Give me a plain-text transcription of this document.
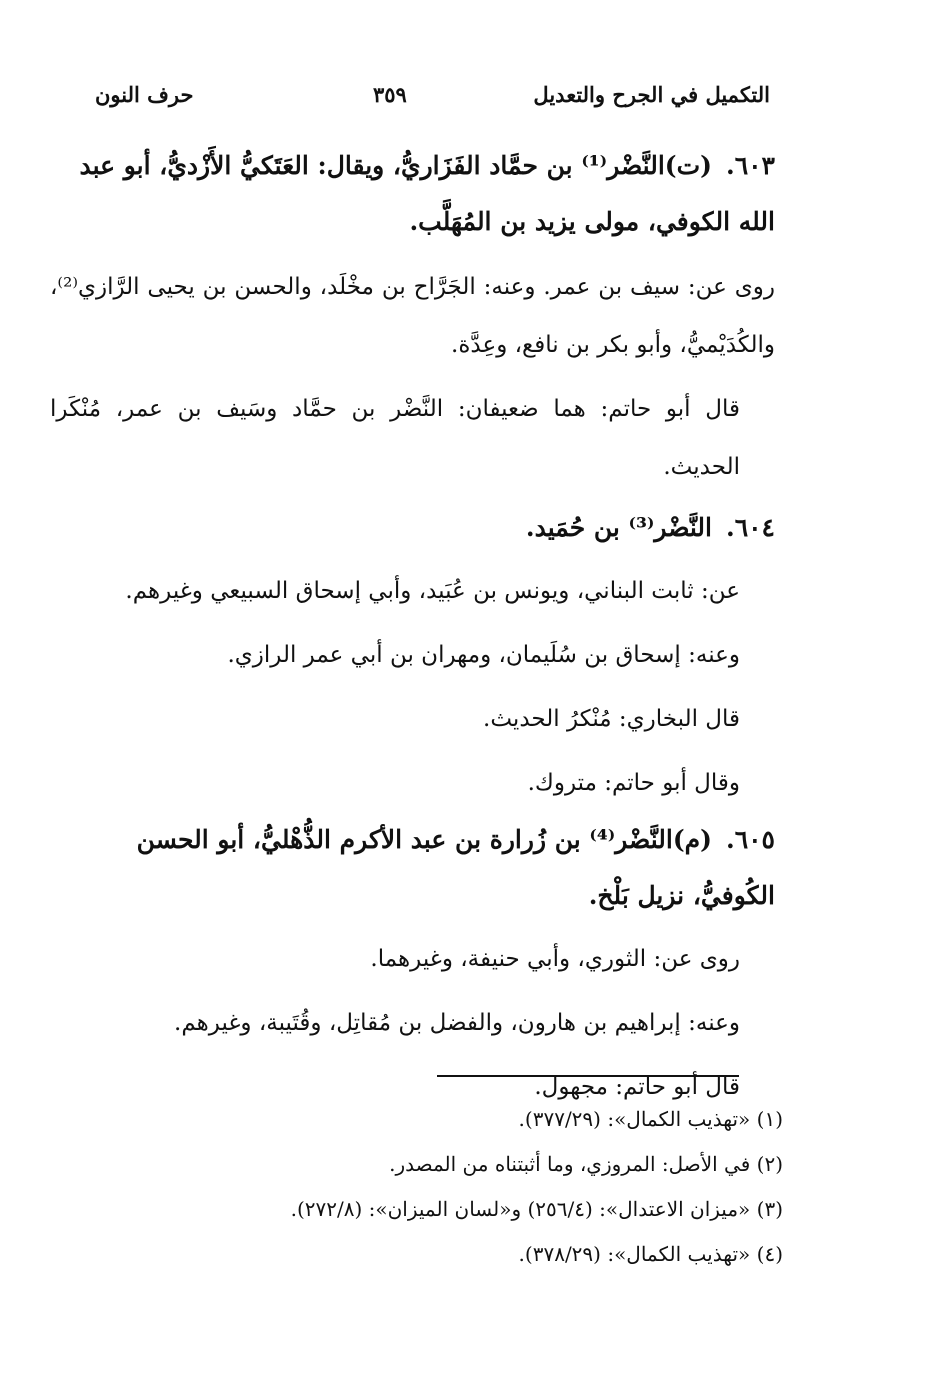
التكميل في الجرح والتعديل
٣٥٩
حرف النون

٦٠٣.(ت)النَّضْر⁽¹⁾ بن حمَّاد الفَزَاريُّ، ويقال: العَتَكيُّ الأَزْديُّ، أبو عبد الله الكوفي، مولى يزيد بن المُهَلَّب.

روى عن: سيف بن عمر. وعنه: الجَرَّاح بن مخْلَد، والحسن بن يحيى الرَّازي⁽²⁾، والكُدَيْميُّ، وأبو بكر بن نافع، وعِدَّة.

قال أبو حاتم: هما ضعيفان: النَّضْر بن حمَّاد وسَيف بن عمر، مُنْكَرا الحديث.

٦٠٤.النَّضْر⁽³⁾ بن حُمَيد.

عن: ثابت البناني، ويونس بن عُبَيد، وأبي إسحاق السبيعي وغيرهم.

وعنه: إسحاق بن سُلَيمان، ومهران بن أبي عمر الرازي.

قال البخاري: مُنْكرُ الحديث.

وقال أبو حاتم: متروك.

٦٠٥.(م)النَّضْر⁽⁴⁾ بن زُرارة بن عبد الأكرم الذُّهْليُّ، أبو الحسن الكُوفيُّ، نزيل بَلْخ.

روى عن: الثوري، وأبي حنيفة، وغيرهما.

وعنه: إبراهيم بن هارون، والفضل بن مُقاتِل، وقُتَيبة، وغيرهم.

قال أبو حاتم: مجهول.

(١) «تهذيب الكمال»: (٣٧٧/٢٩).

(٢) في الأصل: المروزي، وما أثبتناه من المصدر.

(٣) «ميزان الاعتدال»: (٢٥٦/٤) و«لسان الميزان»: (٢٧٢/٨).

(٤) «تهذيب الكمال»: (٣٧٨/٢٩).
